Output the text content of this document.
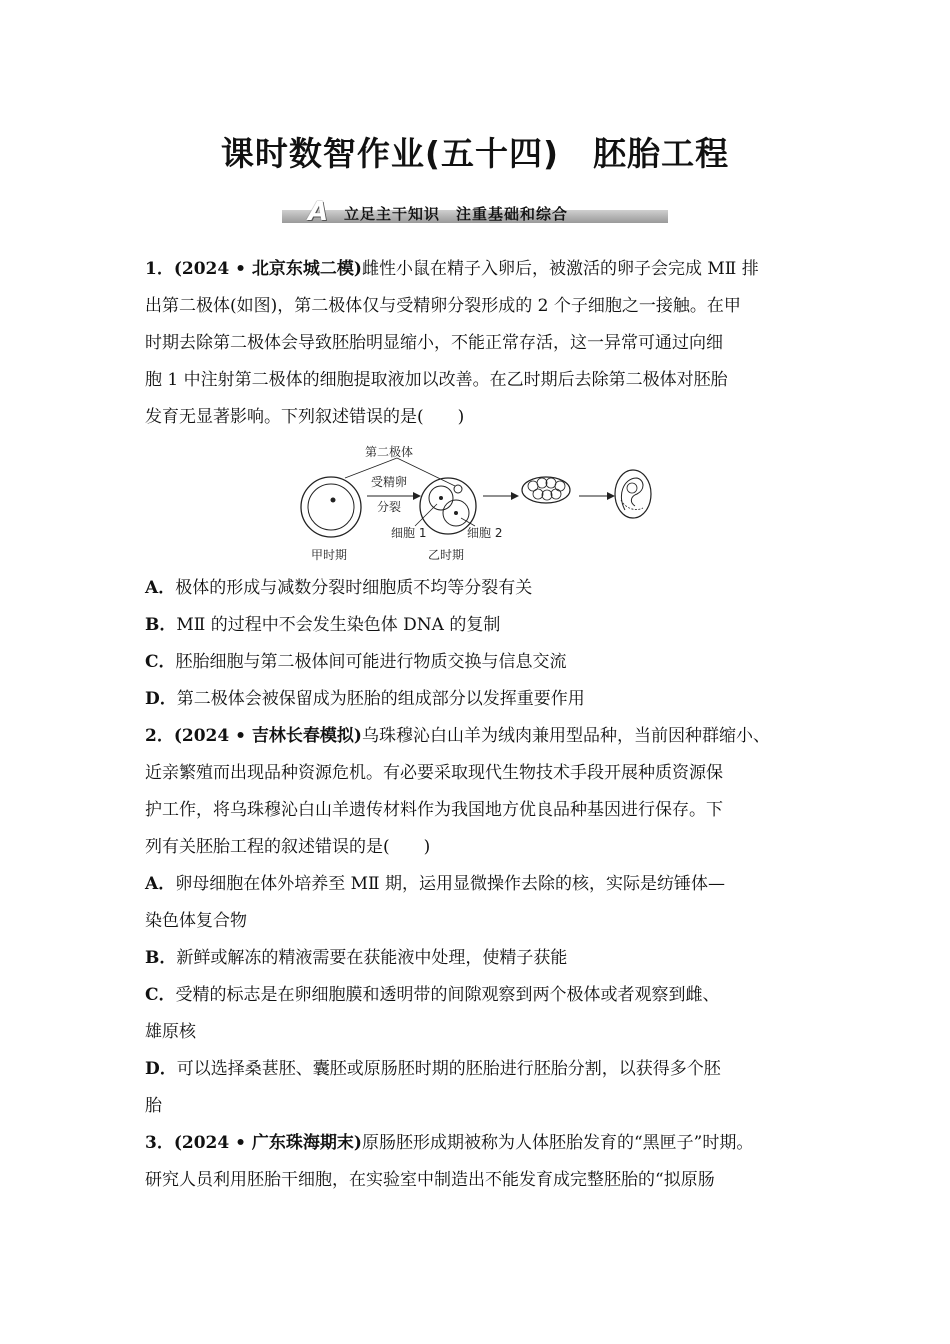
课时数智作业(五十四)　胚胎工程
A	立足主干知识　注重基础和综合
1．(2024 • 北京东城二模)雌性小鼠在精子入卵后，被激活的卵子会完成 MⅡ 排
出第二极体(如图)，第二极体仅与受精卵分裂形成的 2 个子细胞之一接触。在甲
时期去除第二极体会导致胚胎明显缩小，不能正常存活，这一异常可通过向细
胞 1 中注射第二极体的细胞提取液加以改善。在乙时期后去除第二极体对胚胎
发育无显著影响。下列叙述错误的是(　　)
受精卵
分裂
第二极体
细胞 1	细胞 2
甲时期	乙时期
A．极体的形成与减数分裂时细胞质不均等分裂有关
B．MⅡ 的过程中不会发生染色体 DNA 的复制
C．胚胎细胞与第二极体间可能进行物质交换与信息交流
D．第二极体会被保留成为胚胎的组成部分以发挥重要作用
2．(2024 • 吉林长春模拟)乌珠穆沁白山羊为绒肉兼用型品种，当前因种群缩小、
近亲繁殖而出现品种资源危机。有必要采取现代生物技术手段开展种质资源保
护工作，将乌珠穆沁白山羊遗传材料作为我国地方优良品种基因进行保存。下
列有关胚胎工程的叙述错误的是(　　)
A．卵母细胞在体外培养至 MⅡ 期，运用显微操作去除的核，实际是纺锤体—
染色体复合物
B．新鲜或解冻的精液需要在获能液中处理，使精子获能
C．受精的标志是在卵细胞膜和透明带的间隙观察到两个极体或者观察到雌、
雄原核
D．可以选择桑葚胚、囊胚或原肠胚时期的胚胎进行胚胎分割，以获得多个胚
胎
3．(2024 • 广东珠海期末)原肠胚形成期被称为人体胚胎发育的“黑匣子”时期。
研究人员利用胚胎干细胞，在实验室中制造出不能发育成完整胚胎的“拟原肠
